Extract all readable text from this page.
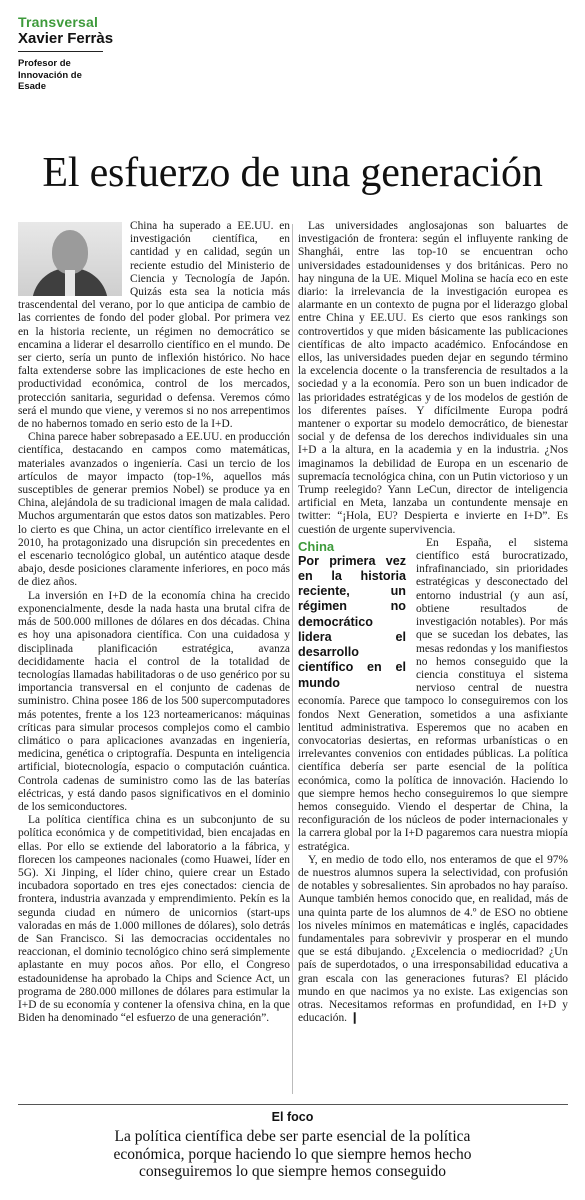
Transversal
Xavier Ferràs
Profesor de Innovación de Esade
El esfuerzo de una generación

China ha superado a EE.UU. en investigación científica, en cantidad y en calidad, según un reciente estudio del Ministerio de Ciencia y Tecnología de Japón. Quizás esta sea la noticia más trascendental del verano, por lo que anticipa de cambio de las corrientes de fondo del poder global. Por primera vez en la historia reciente, un régimen no democrático se encamina a liderar el desarrollo científico en el mundo. De ser cierto, sería un punto de inflexión histórico. No hace falta extenderse sobre las implicaciones de este hecho en productividad económica, control de los mercados, protección sanitaria, seguridad o defensa. Veremos cómo será el mundo que viene, y veremos si no nos arrepentimos de no habernos tomado en serio esto de la I+D.

China parece haber sobrepasado a EE.UU. en producción científica, destacando en campos como matemáticas, materiales avanzados o ingeniería. Casi un tercio de los artículos de mayor impacto (top-1%, aquellos más susceptibles de generar premios Nobel) se produce ya en China, alejándola de su tradicional imagen de mala calidad. Muchos argumentarán que estos datos son matizables. Pero lo cierto es que China, un actor científico irrelevante en el 2010, ha protagonizado una disrupción sin precedentes en el escenario tecnológico global, un auténtico ataque desde abajo, desde posiciones claramente inferiores, en poco más de diez años.

La inversión en I+D de la economía china ha crecido exponencialmente, desde la nada hasta una brutal cifra de más de 500.000 millones de dólares en dos décadas. China es hoy una apisonadora científica. Con una cuidadosa y disciplinada planificación estratégica, avanza decididamente hacia el control de la totalidad de tecnologías llamadas habilitadoras o de uso genérico por su importancia transversal en el conjunto de cadenas de suministro. China posee 186 de los 500 supercomputadores más potentes, frente a los 123 norteamericanos: máquinas críticas para simular procesos complejos como el cambio climático o para aplicaciones avanzadas en ingeniería, medicina, genética o criptografía. Despunta en inteligencia artificial, biotecnología, espacio o computación cuántica. Controla cadenas de suministro como las de las baterías eléctricas, y está dando pasos significativos en el dominio de los semiconductores.

La política científica china es un subconjunto de su política económica y de competitividad, bien encajadas en ellas. Por ello se extiende del laboratorio a la fábrica, y florecen los campeones nacionales (como Huawei, líder en 5G). Xi Jinping, el líder chino, quiere crear un Estado incubadora soportado en tres ejes conectados: ciencia de frontera, industria avanzada y emprendimiento. Pekín es la segunda ciudad en número de unicornios (start-ups valoradas en más de 1.000 millones de dólares), solo detrás de San Francisco. Si las democracias occidentales no reaccionan, el dominio tecnológico chino será simplemente aplastante en muy pocos años. Por ello, el Congreso estadounidense ha aprobado la Chips and Science Act, un programa de 280.000 millones de dólares para estimular la I+D de su economía y contener la ofensiva china, en la que Biden ha denominado “el esfuerzo de una generación”.

Las universidades anglosajonas son baluartes de investigación de frontera: según el influyente ranking de Shanghái, entre las top-10 se encuentran ocho universidades estadounidenses y dos británicas. Pero no hay ninguna de la UE. Miquel Molina se hacía eco en este diario: la irrelevancia de la investigación europea es alarmante en un contexto de pugna por el liderazgo global entre China y EE.UU. Es cierto que esos rankings son controvertidos y que miden básicamente las publicaciones científicas de alto impacto académico. Enfocándose en ellos, las universidades pueden dejar en segundo término la excelencia docente o la transferencia de resultados a la sociedad y a la economía. Pero son un buen indicador de las prioridades estratégicas y de los modelos de gestión de los diferentes países. Y difícilmente Europa podrá mantener o exportar su modelo democrático, de bienestar social y de defensa de los derechos individuales sin una I+D a la altura, en la academia y en la industria. ¿Nos imaginamos la debilidad de Europa en un escenario de supremacía tecnológica china, con un Putin victorioso y un Trump reelegido? Yann LeCun, director de inteligencia artificial en Meta, lanzaba un contundente mensaje en twitter: “¡Hola, EU? Despierta e invierte en I+D”. Es cuestión de urgente supervivencia.

China
Por primera vez en la historia reciente, un régimen no democrático lidera el desarrollo científico en el mundo

En España, el sistema científico está burocratizado, infrafinanciado, sin prioridades estratégicas y desconectado del entorno industrial (y aun así, obtiene resultados de investigación notables). Por más que se sucedan los debates, las mesas redondas y los manifiestos no hemos conseguido que la ciencia constituya el sistema nervioso central de nuestra economía. Parece que tampoco lo conseguiremos con los fondos Next Generation, sometidos a una asfixiante lentitud administrativa. Esperemos que no acaben en convocatorias desiertas, en reformas urbanísticas o en irrelevantes convenios con entidades públicas. La política científica debería ser parte esencial de la política económica, como la política de innovación. Haciendo lo que siempre hemos hecho conseguiremos lo que siempre hemos conseguido. Viendo el despertar de China, la reconfiguración de los núcleos de poder internacionales y la carrera global por la I+D pagaremos cara nuestra miopía estratégica.

Y, en medio de todo ello, nos enteramos de que el 97% de nuestros alumnos supera la selectividad, con profusión de notables y sobresalientes. Sin aprobados no hay paraíso. Aunque también hemos conocido que, en realidad, más de una quinta parte de los alumnos de 4.º de ESO no obtiene los niveles mínimos en matemáticas e inglés, capacidades fundamentales para sobrevivir y prosperar en el mundo que se está dibujando. ¿Excelencia o mediocridad? ¿Un país de superdotados, o una irresponsabilidad educativa a gran escala con las generaciones futuras? El plácido mundo en que nacimos ya no existe. Las exigencias son otras. Necesitamos reformas en profundidad, en I+D y educación. ❙

El foco
La política científica debe ser parte esencial de la política económica, porque haciendo lo que siempre hemos hecho conseguiremos lo que siempre hemos conseguido
